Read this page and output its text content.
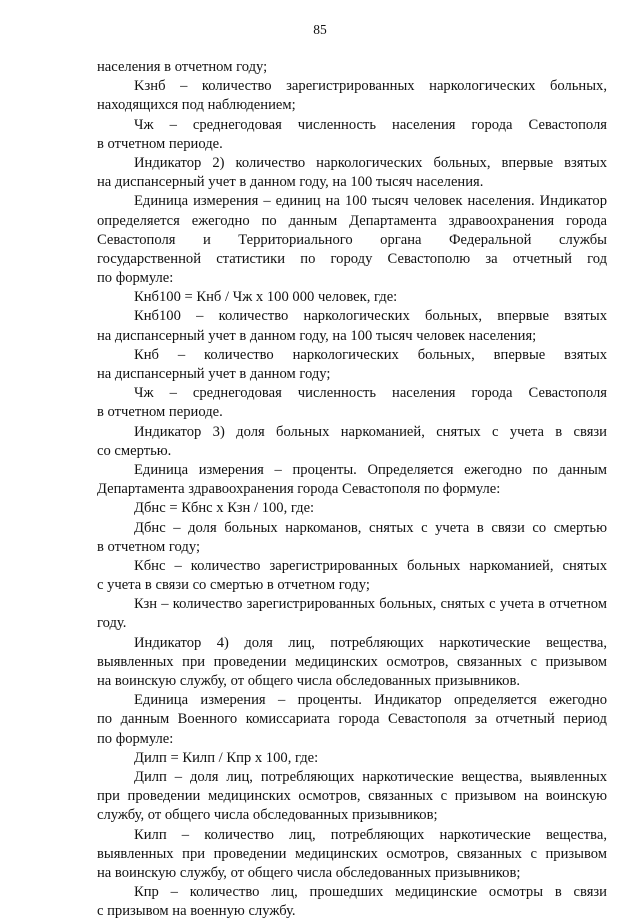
85
населения в отчетном году;
Kзнб – количество зарегистрированных наркологических больных,
находящихся под наблюдением;
Чж – среднегодовая численность населения города Севастополя
в отчетном периоде.
Индикатор 2) количество наркологических больных, впервые взятых
на диспансерный учет в данном году, на 100 тысяч населения.
Единица измерения – единиц на 100 тысяч человек населения. Индикатор
определяется ежегодно по данным Департамента здравоохранения города
Севастополя и Территориального органа Федеральной службы
государственной статистики по городу Севастополю за отчетный год
по формуле:
Кнб100 = Кнб / Чж х 100 000 человек, где:
Кнб100 – количество наркологических больных, впервые взятых
на диспансерный учет в данном году, на 100 тысяч человек населения;
Кнб – количество наркологических больных, впервые взятых
на диспансерный учет в данном году;
Чж – среднегодовая численность населения города Севастополя
в отчетном периоде.
Индикатор 3) доля больных наркоманией, снятых с учета в связи
со смертью.
Единица измерения – проценты. Определяется ежегодно по данным
Департамента здравоохранения города Севастополя по формуле:
Дбнс = Кбнс х Кзн / 100, где:
Дбнс – доля больных наркоманов, снятых с учета в связи со смертью
в отчетном году;
Кбнс – количество зарегистрированных больных наркоманией, снятых
с учета в связи со смертью в отчетном году;
Кзн – количество зарегистрированных больных, снятых с учета в отчетном
году.
Индикатор 4) доля лиц, потребляющих наркотические вещества,
выявленных при проведении медицинских осмотров, связанных с призывом
на воинскую службу, от общего числа обследованных призывников.
Единица измерения – проценты. Индикатор определяется ежегодно
по данным Военного комиссариата города Севастополя за отчетный период
по формуле:
Дилп = Килп / Кпр х 100, где:
Дилп – доля лиц, потребляющих наркотические вещества, выявленных
при проведении медицинских осмотров, связанных с призывом на воинскую
службу, от общего числа обследованных призывников;
Килп – количество лиц, потребляющих наркотические вещества,
выявленных при проведении медицинских осмотров, связанных с призывом
на воинскую службу, от общего числа обследованных призывников;
Кпр – количество лиц, прошедших медицинские осмотры в связи
с призывом на военную службу.
